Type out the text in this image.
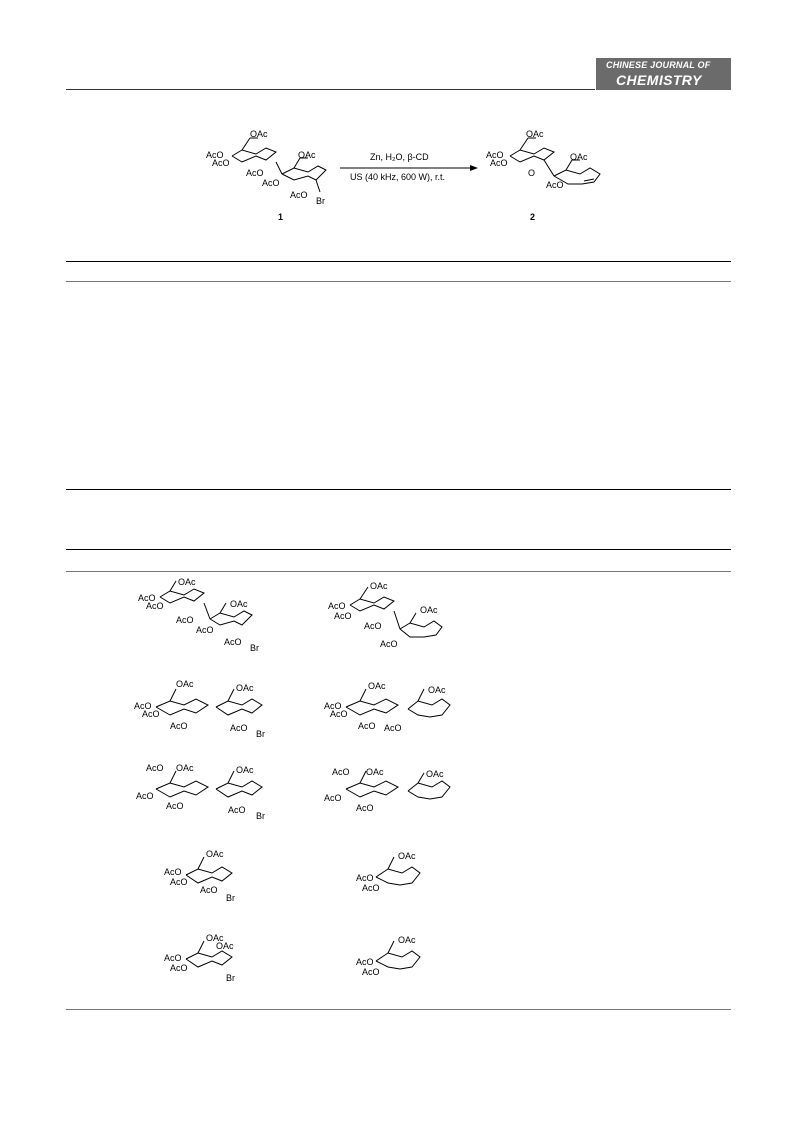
CHINESE JOURNAL OF
CHEMISTRY
OAc
AcO
AcO
AcO
OAc
AcO
AcO
Br
1
Zn, H₂O, β-CD
US (40 kHz, 600 W), r.t.
OAc
AcO
AcO
O
OAc
AcO
2
OAc
AcO
AcO
AcO
OAc
AcO
AcO
Br
OAc
AcO
AcO
AcO
OAc
AcO
Br
AcO OAc
AcO
AcO
OAc
AcO
Br
OAc
AcO
AcO
AcO
Br
OAc
OAc
AcO
AcO
Br
OAc
AcO
AcO
AcO
OAc
AcO
OAc
AcO
AcO
AcO
OAc
AcO
AcO OAc
AcO
AcO
OAc
OAc
AcO
AcO
OAc
AcO
AcO
